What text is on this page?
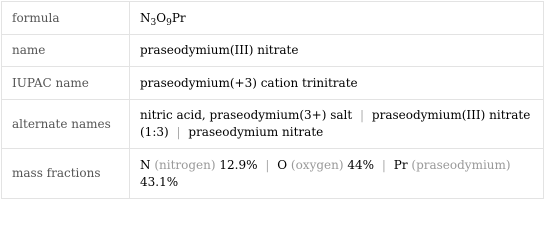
formula	$N_3O_9Pr$
name	praseodymium(III) nitrate
IUPAC name	praseodymium(+3) cation trinitrate
alternate names	nitric acid, praseodymium(3+) salt | praseodymium(III) nitrate (1:3) | praseodymium nitrate
mass fractions	N (nitrogen) 12.9% | O (oxygen) 44% | Pr (praseodymium) 43.1%
